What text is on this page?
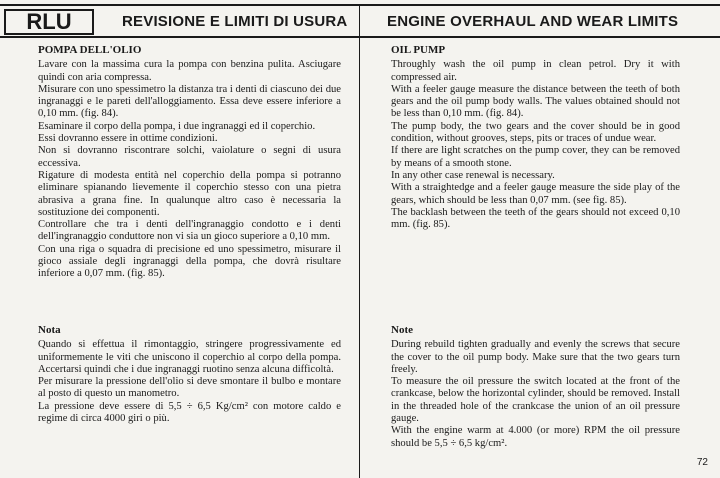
RLU	REVISIONE E LIMITI DI USURA	ENGINE OVERHAUL AND WEAR LIMITS
POMPA DELL'OLIO

Lavare con la massima cura la pompa con benzina pulita. Asciugare quindi con aria compressa.

Misurare con uno spessimetro la distanza tra i denti di ciascuno dei due ingranaggi e le pareti dell'alloggiamento. Essa deve essere inferiore a 0,10 mm. (fig. 84).

Esaminare il corpo della pompa, i due ingranaggi ed il coperchio.

Essi dovranno essere in ottime condizioni.

Non si dovranno riscontrare solchi, vaiolature o segni di usura eccessiva.

Rigature di modesta entità nel coperchio della pompa si potranno eliminare spianando lievemente il coperchio stesso con una pietra abrasiva a grana fine. In qualunque altro caso è necessaria la sostituzione dei componenti.

Controllare che tra i denti dell'ingranaggio condotto e i denti dell'ingranaggio conduttore non vi sia un gioco superiore a 0,10 mm.

Con una riga o squadra di precisione ed uno spessimetro, misurare il gioco assiale degli ingranaggi della pompa, che dovrà risultare inferiore a 0,07 mm. (fig. 85).

Nota

Quando si effettua il rimontaggio, stringere progressivamente ed uniformemente le viti che uniscono il coperchio al corpo della pompa. Accertarsi quindi che i due ingranaggi ruotino senza alcuna difficoltà.

Per misurare la pressione dell'olio si deve smontare il bulbo e montare al posto di questo un manometro.

La pressione deve essere di 5,5 ÷ 6,5 Kg/cm² con motore caldo e regime di circa 4000 giri o più.

OIL PUMP

Throughly wash the oil pump in clean petrol. Dry it with compressed air.

With a feeler gauge measure the distance between the teeth of both gears and the oil pump body walls. The values obtained should not be less than 0,10 mm. (fig. 84).

The pump body, the two gears and the cover should be in good condition, without grooves, steps, pits or traces of undue wear.

If there are light scratches on the pump cover, they can be removed by means of a smooth stone.

In any other case renewal is necessary.

With a straightedge and a feeler gauge measure the side play of the gears, which should be less than 0,07 mm. (see fig. 85).

The backlash between the teeth of the gears should not exceed 0,10 mm. (fig. 85).

Note

During rebuild tighten gradually and evenly the screws that secure the cover to the oil pump body. Make sure that the two gears turn freely.

To measure the oil pressure the switch located at the front of the crankcase, below the horizontal cylinder, should be removed. Install in the threaded hole of the crankcase the union of an oil pressure gauge.

With the engine warm at 4.000 (or more) RPM the oil pressure should be 5,5 ÷ 6,5 kg/cm².

72
